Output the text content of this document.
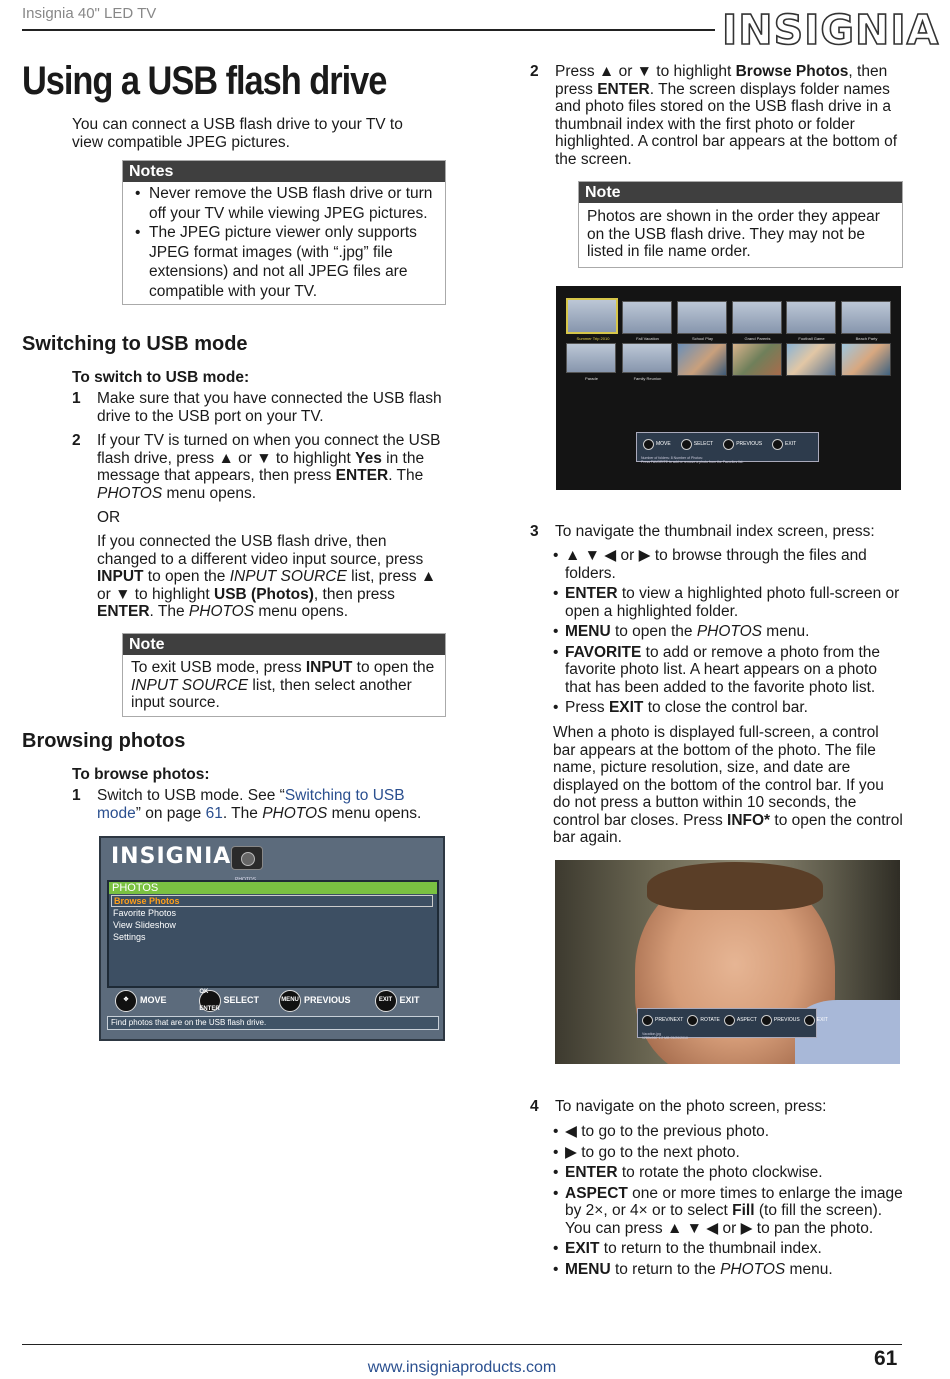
Insignia 40" LED TV	INSIGNIA
Using a USB flash drive
You can connect a USB flash drive to your TV to view compatible JPEG pictures.
Notes
• Never remove the USB flash drive or turn off your TV while viewing JPEG pictures.
• The JPEG picture viewer only supports JPEG format images (with “.jpg” file extensions) and not all JPEG files are compatible with your TV.
Switching to USB mode
To switch to USB mode:
1	Make sure that you have connected the USB flash drive to the USB port on your TV.
2	If your TV is turned on when you connect the USB flash drive, press ▲ or ▼ to highlight Yes in the message that appears, then press ENTER. The PHOTOS menu opens.
OR
If you connected the USB flash drive, then changed to a different video input source, press INPUT to open the INPUT SOURCE list, press ▲ or ▼ to highlight USB (Photos), then press ENTER. The PHOTOS menu opens.
Note
To exit USB mode, press INPUT to open the INPUT SOURCE list, then select another input source.
Browsing photos
To browse photos:
1	Switch to USB mode. See “Switching to USB mode” on page 61. The PHOTOS menu opens.
INSIGNIA
PHOTOS
Browse Photos
Favorite Photos
View Slideshow
Settings
✥	MOVE
OK ENTER
SELECT	MENU PREVIOUS	EXIT EXIT
Find photos that are on the USB flash drive.
2	Press ▲ or ▼ to highlight Browse Photos, then press ENTER. The screen displays folder names and photo files stored on the USB flash drive in a thumbnail index with the first photo or folder highlighted. A control bar appears at the bottom of the screen.
Note
Photos are shown in the order they appear on the USB flash drive. They may not be listed in file name order.
Summer Trip 2010	Fall Vacation	School Play	Grand Parents	Football Game	Beach Party
Parade	Family Reunion
MOVE	SELECT	PREVIOUS	EXIT
Number of folders: 8 Number of Photos:
Press FAVORITE to add or remove a photo from the Favorites list.
3	To navigate the thumbnail index screen, press:
• ▲ ▼ ◀ or ▶ to browse through the files and folders.
• ENTER to view a highlighted photo full-screen or open a highlighted folder.
• MENU to open the PHOTOS menu.
• FAVORITE to add or remove a photo from the favorite photo list. A heart appears on a photo that has been added to the favorite photo list.
• Press EXIT to close the control bar.
When a photo is displayed full-screen, a control bar appears at the bottom of the photo. The file name, picture resolution, size, and date are displayed on the bottom of the control bar. If you do not press a button within 10 seconds, the control bar closes. Press INFO* to open the control bar again.
PREV/NEXT	ROTATE	ASPECT	PREVIOUS	EXIT
Vacation.jpg
1280x960 1.2 MB 05/20/2010
4	To navigate on the photo screen, press:
• ◀ to go to the previous photo.
• ▶ to go to the next photo.
• ENTER to rotate the photo clockwise.
• ASPECT one or more times to enlarge the image by 2×, or 4× or to select Fill (to fill the screen). You can press ▲ ▼ ◀ or ▶ to pan the photo.
• EXIT to return to the thumbnail index.
• MENU to return to the PHOTOS menu.
www.insigniaproducts.com	61
